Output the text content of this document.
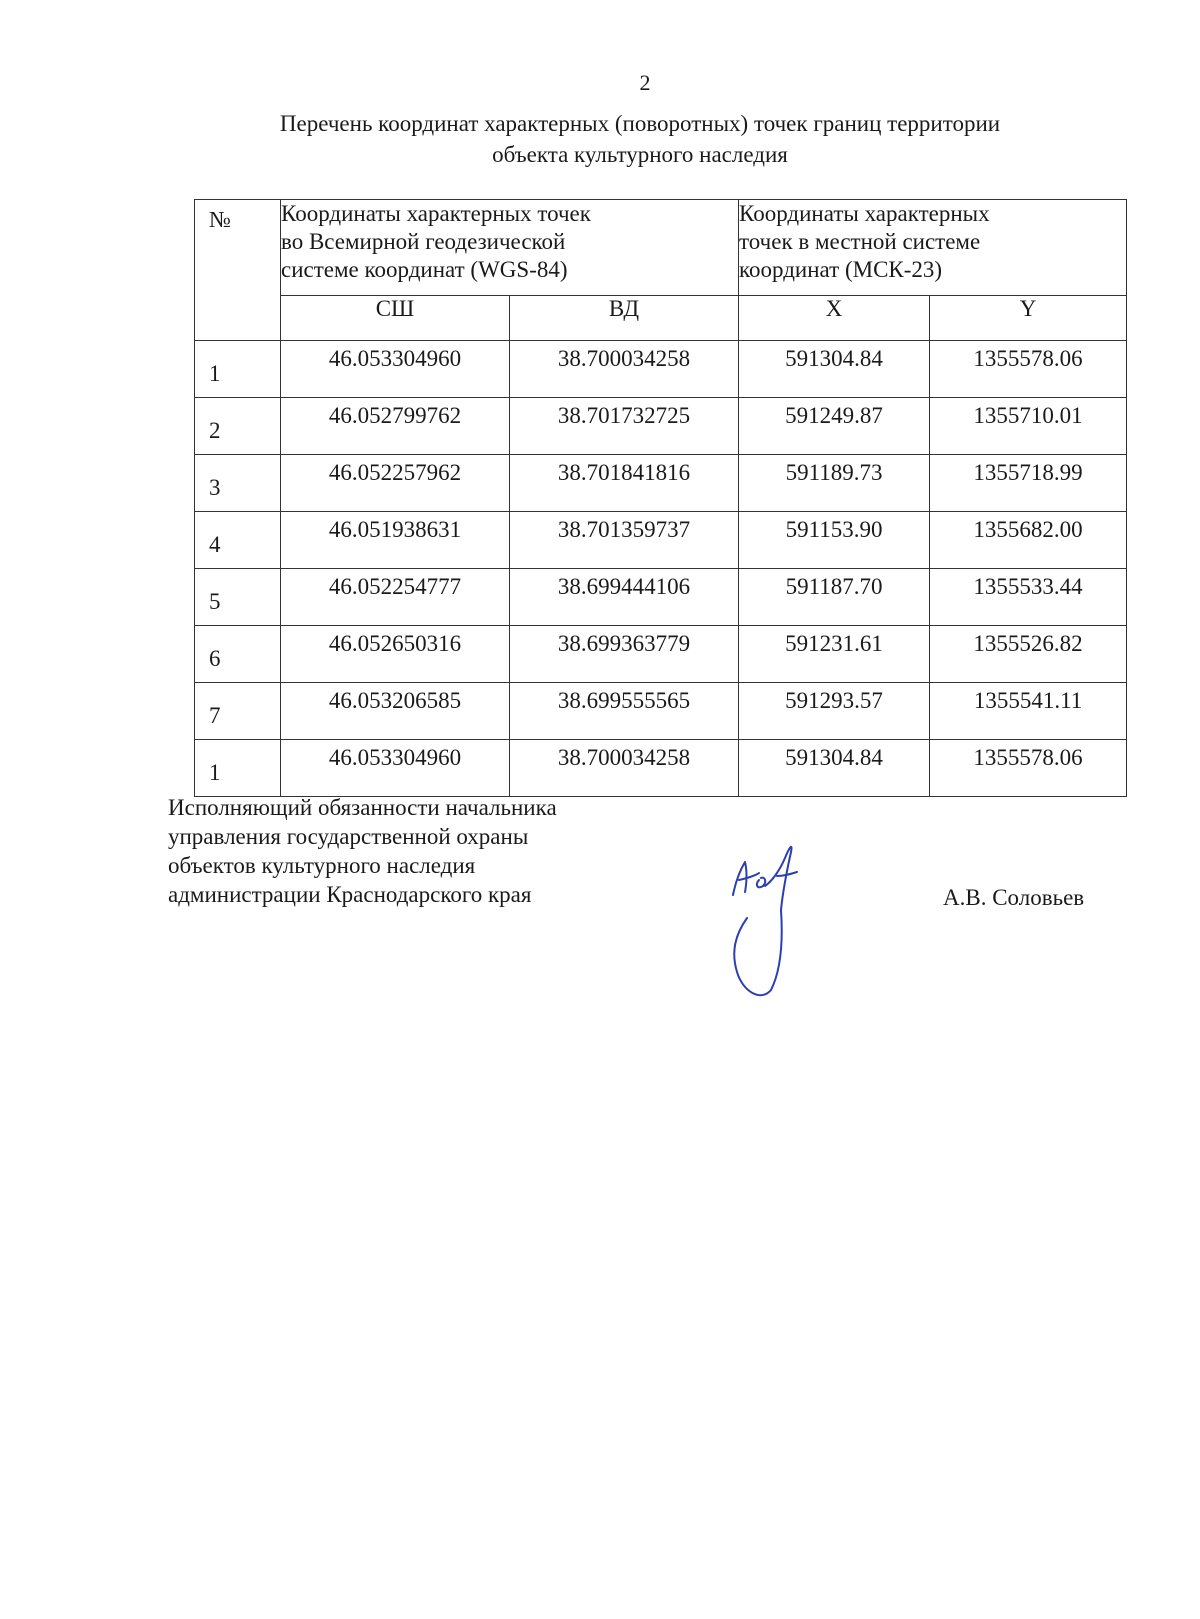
2
Перечень координат характерных (поворотных) точек границ территории
объекта культурного наследия
№	Координаты характерных точек
во Всемирной геодезической
системе координат (WGS-84)		Координаты характерных
точек в местной системе
координат (МСК-23)	

	СШ	ВД	X	Y
1	46.053304960	38.700034258	591304.84	1355578.06
2	46.052799762	38.701732725	591249.87	1355710.01
3	46.052257962	38.701841816	591189.73	1355718.99
4	46.051938631	38.701359737	591153.90	1355682.00
5	46.052254777	38.699444106	591187.70	1355533.44
6	46.052650316	38.699363779	591231.61	1355526.82
7	46.053206585	38.699555565	591293.57	1355541.11
1	46.053304960	38.700034258	591304.84	1355578.06
Исполняющий обязанности начальника
управления государственной охраны
объектов культурного наследия
администрации Краснодарского края	А.В. Соловьев
